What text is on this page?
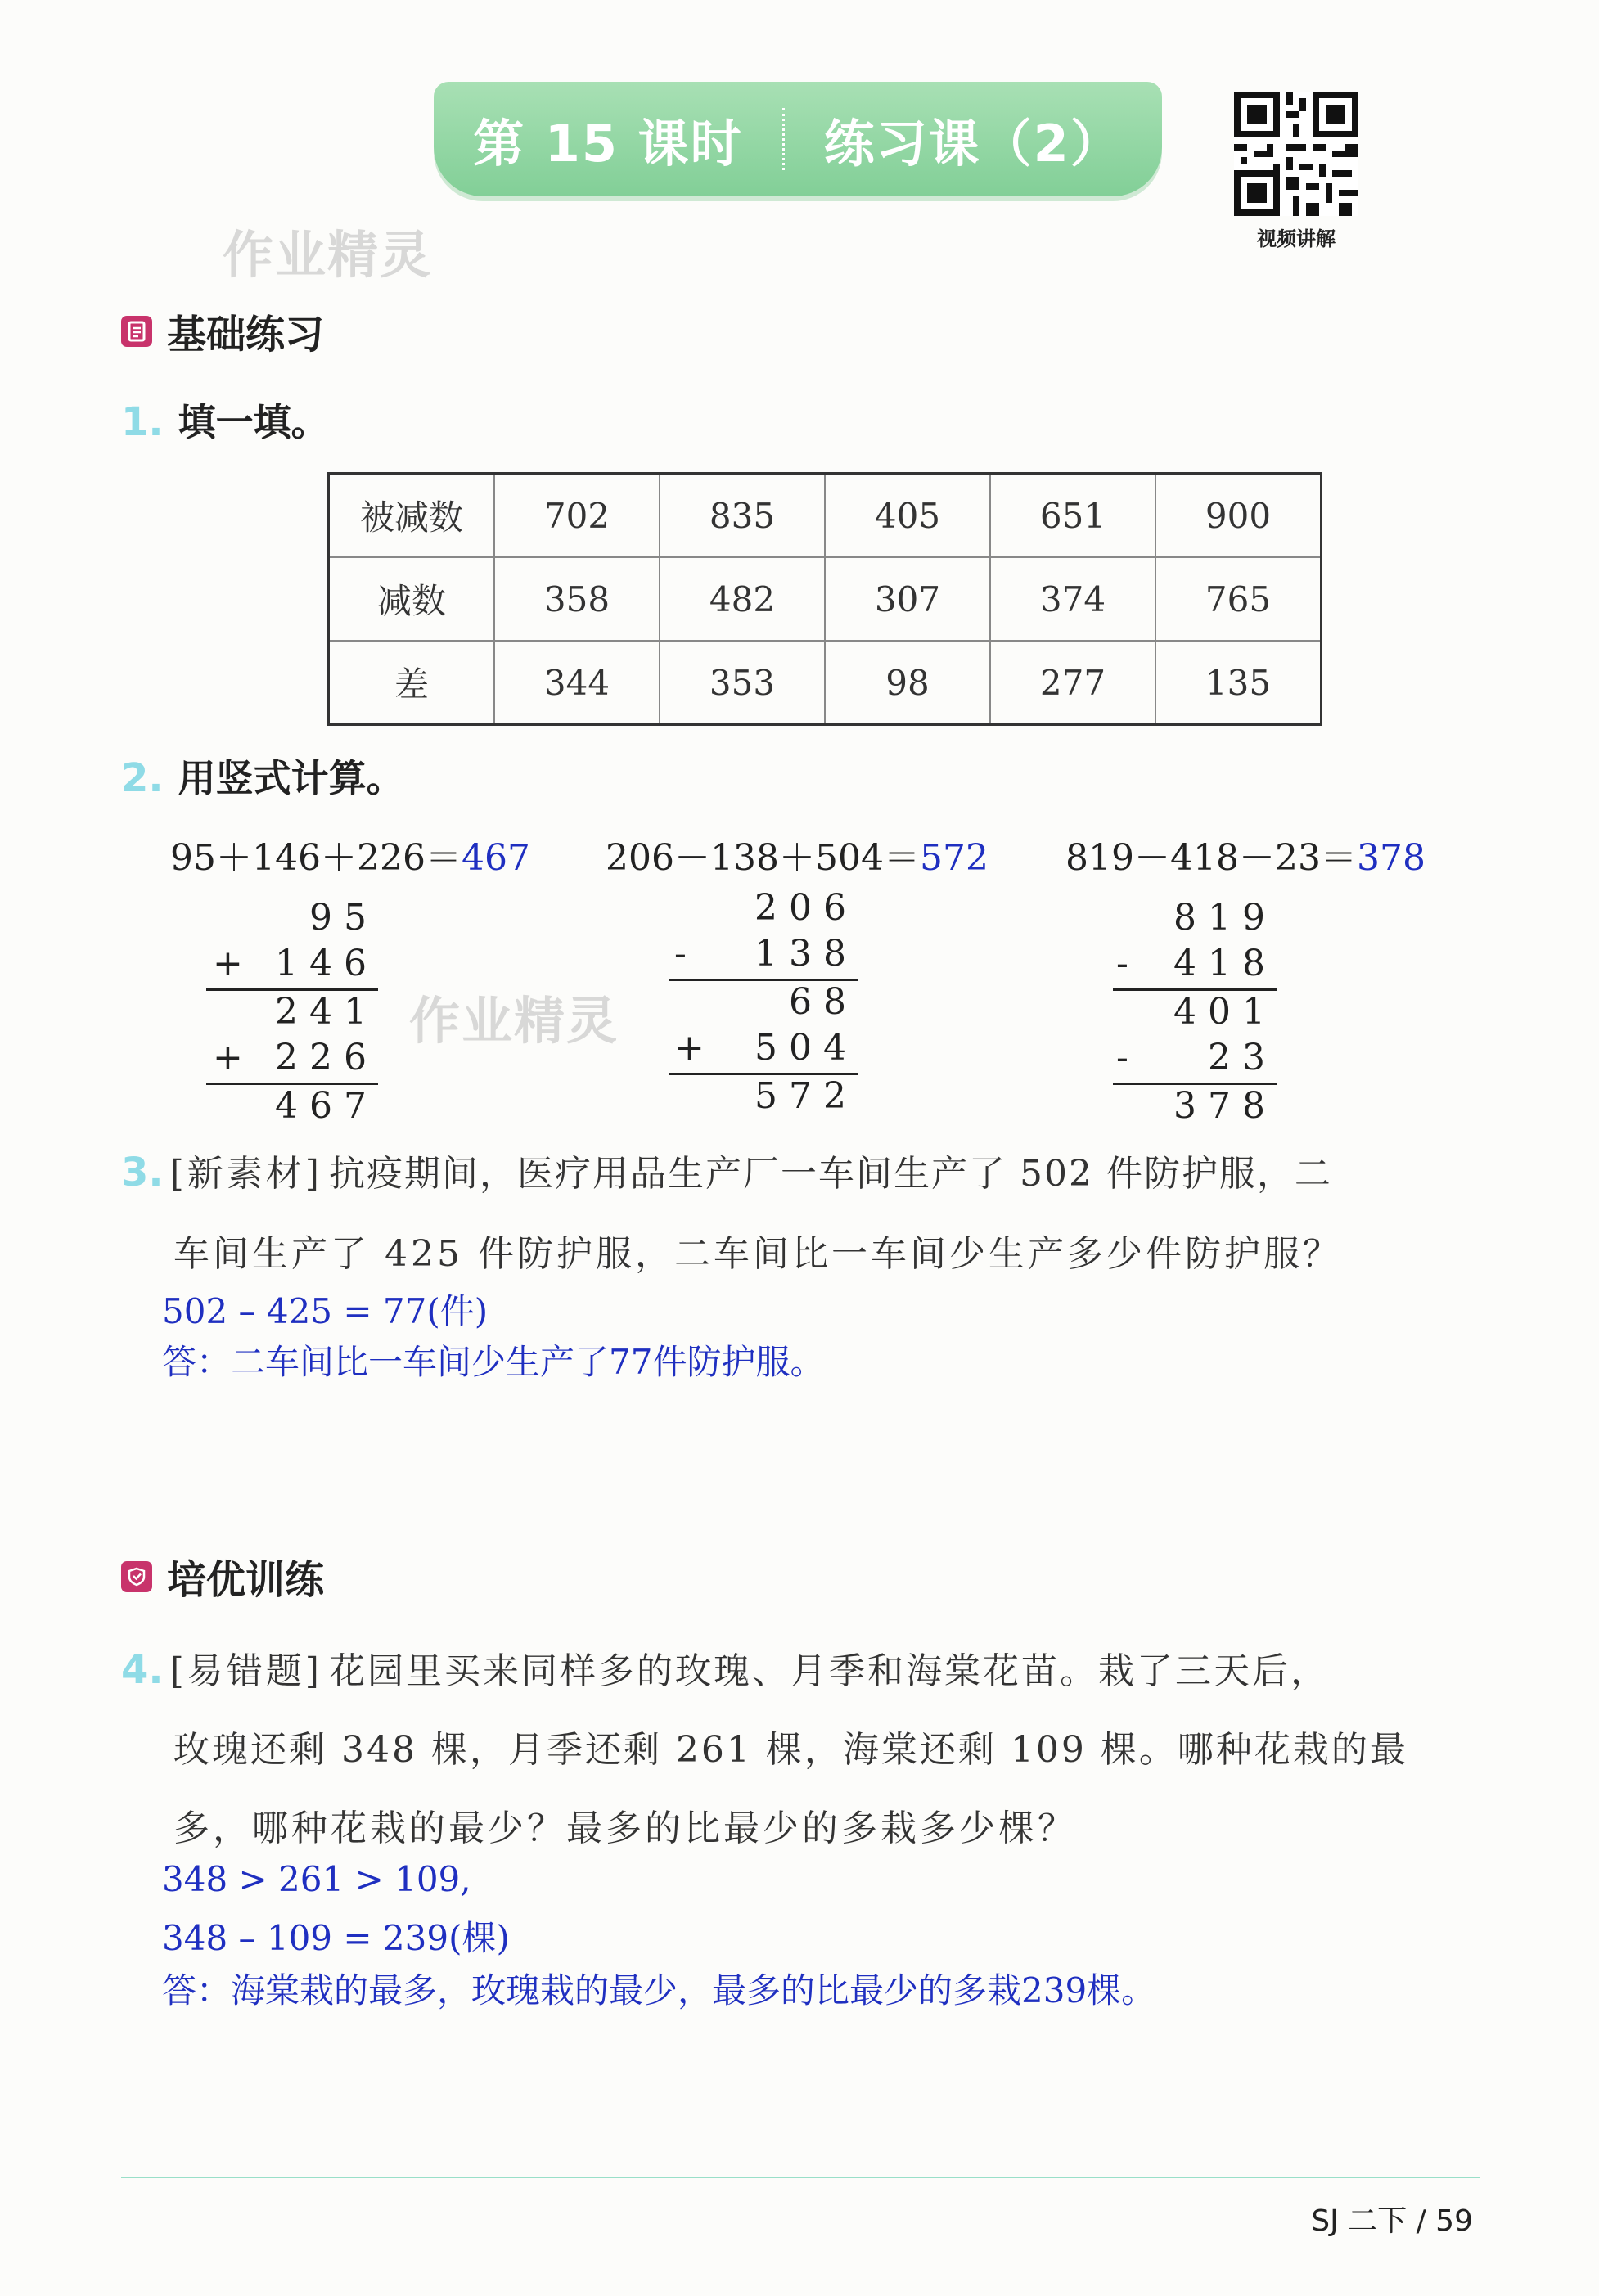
第 15 课时 练习课（2）
视频讲解
作业精灵
基础练习
1. 填一填。
被减数	702	835	405	651	900
减数	358	482	307	374	765
差	344	353	98	277	135
2. 用竖式计算。
95＋146＋226＝467 206－138＋504＝572 819－418－23＝378
95
+ 146
241
+ 226
467
作业精灵
206
-	138
68
+	504
572
819
- 418
401
-	23
378
3. [新素材] 抗疫期间，医疗用品生产厂一车间生产了 502 件防护服，二
车间生产了 425 件防护服，二车间比一车间少生产多少件防护服？
502 – 425 = 77(件)
答：二车间比一车间少生产了77件防护服。
培优训练
4. [易错题] 花园里买来同样多的玫瑰、月季和海棠花苗。栽了三天后，
玫瑰还剩 348 棵，月季还剩 261 棵，海棠还剩 109 棵。哪种花栽的最
多，哪种花栽的最少？最多的比最少的多栽多少棵？
348 > 261 > 109,
348 – 109 = 239(棵)
答：海棠栽的最多，玫瑰栽的最少，最多的比最少的多栽239棵。
SJ 二下 / 59
